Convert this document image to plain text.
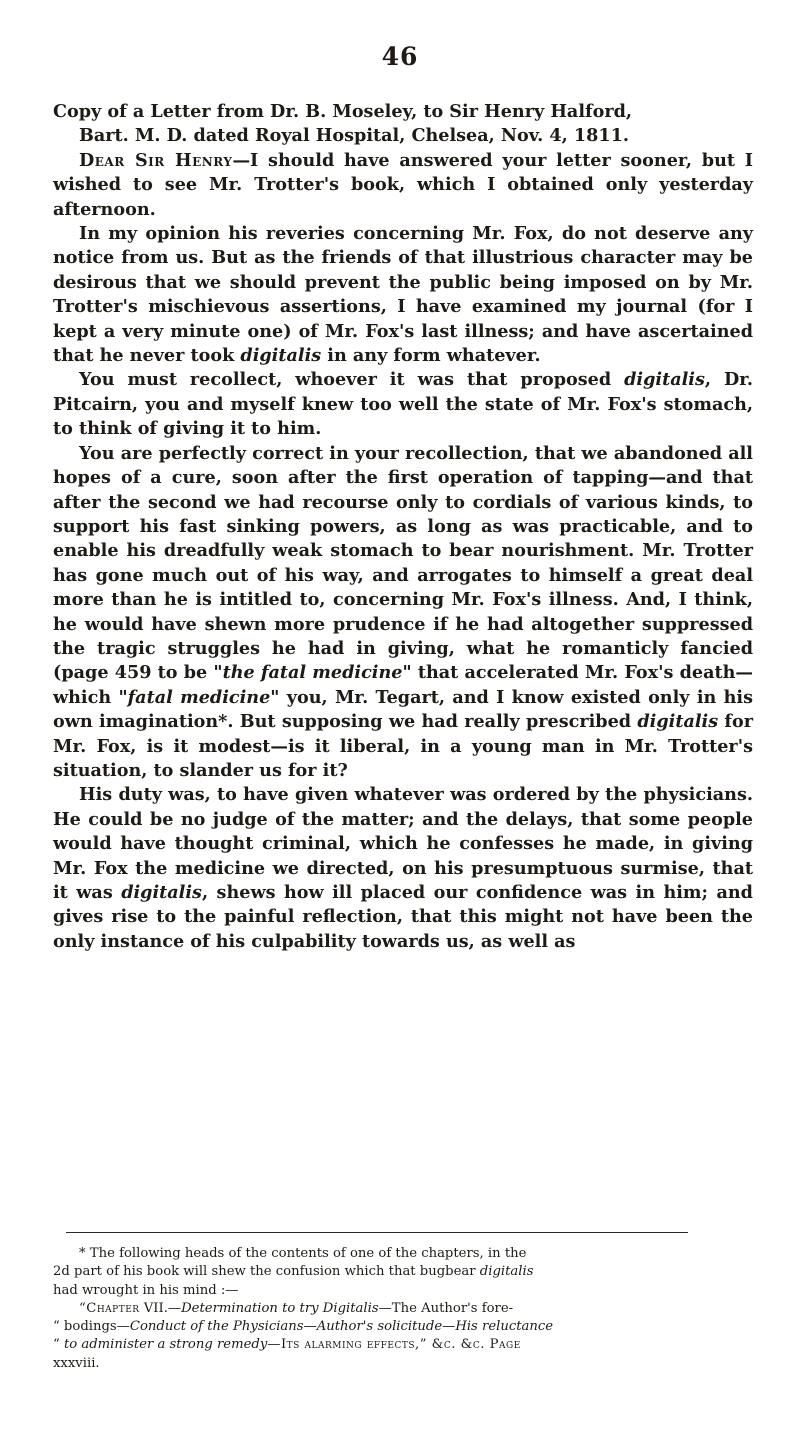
46

Copy of a Letter from Dr. B. Moseley, to Sir Henry Halford,
Bart. M. D. dated Royal Hospital, Chelsea, Nov. 4, 1811.

Dear Sir Henry—I should have answered your letter sooner, but I wished to see Mr. Trotter's book, which I obtained only yesterday afternoon.

In my opinion his reveries concerning Mr. Fox, do not deserve any notice from us. But as the friends of that illustrious character may be desirous that we should prevent the public being imposed on by Mr. Trotter's mischievous assertions, I have examined my journal (for I kept a very minute one) of Mr. Fox's last illness; and have ascertained that he never took digitalis in any form whatever.

You must recollect, whoever it was that proposed digitalis, Dr. Pitcairn, you and myself knew too well the state of Mr. Fox's stomach, to think of giving it to him.

You are perfectly correct in your recollection, that we abandoned all hopes of a cure, soon after the first operation of tapping—and that after the second we had recourse only to cordials of various kinds, to support his fast sinking powers, as long as was practicable, and to enable his dreadfully weak stomach to bear nourishment. Mr. Trotter has gone much out of his way, and arrogates to himself a great deal more than he is intitled to, concerning Mr. Fox's illness. And, I think, he would have shewn more prudence if he had altogether suppressed the tragic struggles he had in giving, what he romanticly fancied (page 459 to be "the fatal medicine" that accelerated Mr. Fox's death—which "fatal medicine" you, Mr. Tegart, and I know existed only in his own imagination*. But supposing we had really prescribed digitalis for Mr. Fox, is it modest—is it liberal, in a young man in Mr. Trotter's situation, to slander us for it?

His duty was, to have given whatever was ordered by the physicians. He could be no judge of the matter; and the delays, that some people would have thought criminal, which he confesses he made, in giving Mr. Fox the medicine we directed, on his presumptuous surmise, that it was digitalis, shews how ill placed our confidence was in him; and gives rise to the painful reflection, that this might not have been the only instance of his culpability towards us, as well as

* The following heads of the contents of one of the chapters, in the
2d part of his book will shew the confusion which that bugbear digitalis
had wrought in his mind :—
“Chapter VII.—Determination to try Digitalis—The Author's fore-
“ bodings—Conduct of the Physicians—Author's solicitude—His reluctance
“ to administer a strong remedy—Its alarming effects,” &c. &c. Page
xxxviii.
